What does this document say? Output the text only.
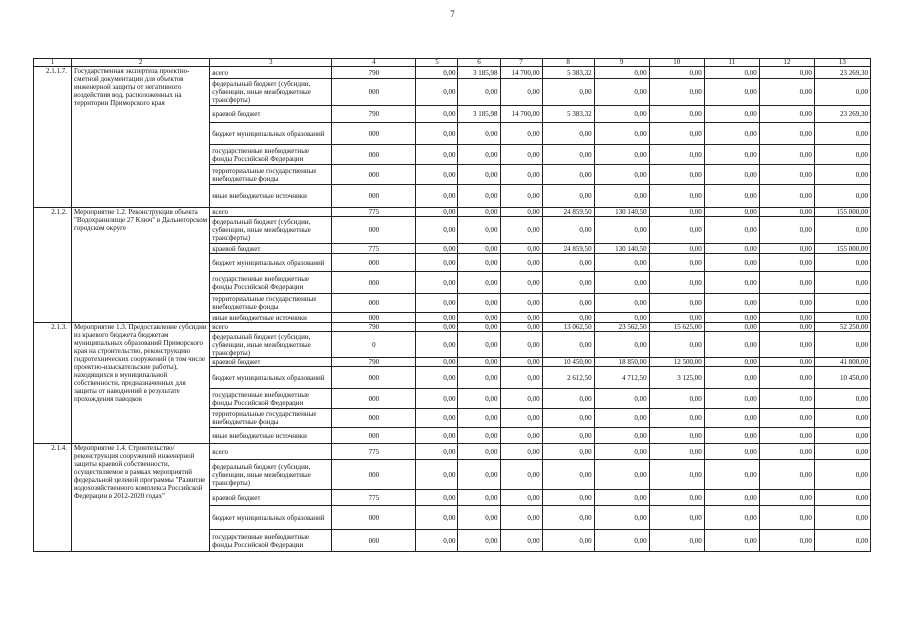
7
1	2	3	4	5	6	7	8	9	10	11	12	13
2.1.1.7.	Государственная экспертиза проектно-сметной документации для объектов инженерной защиты от негативного воздействия вод, расположенных на территории Приморского края	всего	790	0,00	3 185,98	14 700,00	5 383,32	0,00	0,00	0,00	0,00	23 269,30
		федеральный бюджет (субсидии, субвенции, иные межбюджетные трансферты)	000	0,00	0,00	0,00	0,00	0,00	0,00	0,00	0,00	0,00
		краевой бюджет	790	0,00	3 185,98	14 700,00	5 383,32	0,00	0,00	0,00	0,00	23 269,30
		бюджет муниципальных образований	000	0,00	0,00	0,00	0,00	0,00	0,00	0,00	0,00	0,00
		государственные внебюджетные фонды Российской Федерации	000	0,00	0,00	0,00	0,00	0,00	0,00	0,00	0,00	0,00
		территориальные государственные внебюджетные фонды	000	0,00	0,00	0,00	0,00	0,00	0,00	0,00	0,00	0,00
		иные внебюджетные источники	000	0,00	0,00	0,00	0,00	0,00	0,00	0,00	0,00	0,00
2.1.2.	Мероприятие 1.2. Реконструкция объекта "Водохранилище 27 Ключ" в Дальнегорском городском округе	всего	775	0,00	0,00	0,00	24 859,50	130 140,50	0,00	0,00	0,00	155 000,00
		федеральный бюджет (субсидии, субвенции, иные межбюджетные трансферты)	000	0,00	0,00	0,00	0,00	0,00	0,00	0,00	0,00	0,00
		краевой бюджет	775	0,00	0,00	0,00	24 859,50	130 140,50	0,00	0,00	0,00	155 000,00
		бюджет муниципальных образований	000	0,00	0,00	0,00	0,00	0,00	0,00	0,00	0,00	0,00
		государственные внебюджетные фонды Российской Федерации	000	0,00	0,00	0,00	0,00	0,00	0,00	0,00	0,00	0,00
		территориальные государственные внебюджетные фонды	000	0,00	0,00	0,00	0,00	0,00	0,00	0,00	0,00	0,00
		иные внебюджетные источники	000	0,00	0,00	0,00	0,00	0,00	0,00	0,00	0,00	0,00
2.1.3.	Мероприятие 1.3. Предоставление субсидии из краевого бюджета бюджетам муниципальных образований Приморского края на строительство, реконструкцию гидротехнических сооружений (в том числе проектно-изыскательские работы), находящихся в муниципальной собственности, предназначенных для защиты от наводнений в результате прохождения паводков	всего	790	0,00	0,00	0,00	13 062,50	23 562,50	15 625,00	0,00	0,00	52 250,00
		федеральный бюджет (субсидии, субвенции, иные межбюджетные трансферты)	0	0,00	0,00	0,00	0,00	0,00	0,00	0,00	0,00	0,00
		краевой бюджет	790	0,00	0,00	0,00	10 450,00	18 850,00	12 500,00	0,00	0,00	41 800,00
		бюджет муниципальных образований	000	0,00	0,00	0,00	2 612,50	4 712,50	3 125,00	0,00	0,00	10 450,00
		государственные внебюджетные фонды Российской Федерации	000	0,00	0,00	0,00	0,00	0,00	0,00	0,00	0,00	0,00
		территориальные государственные внебюджетные фонды	000	0,00	0,00	0,00	0,00	0,00	0,00	0,00	0,00	0,00
		иные внебюджетные источники	000	0,00	0,00	0,00	0,00	0,00	0,00	0,00	0,00	0,00
2.1.4.	Мероприятие 1.4. Строительство/реконструкция сооружений инженерной защиты краевой собственности, осуществляемое в рамках мероприятий федеральной целевой программы "Развитие водохозяйственного комплекса Российской Федерации в 2012-2020 годах"	всего	775	0,00	0,00	0,00	0,00	0,00	0,00	0,00	0,00	0,00
		федеральный бюджет (субсидии, субвенции, иные межбюджетные трансферты)	000	0,00	0,00	0,00	0,00	0,00	0,00	0,00	0,00	0,00
		краевой бюджет	775	0,00	0,00	0,00	0,00	0,00	0,00	0,00	0,00	0,00
		бюджет муниципальных образований	000	0,00	0,00	0,00	0,00	0,00	0,00	0,00	0,00	0,00
		государственные внебюджетные фонды Российской Федерации	000	0,00	0,00	0,00	0,00	0,00	0,00	0,00	0,00	0,00
